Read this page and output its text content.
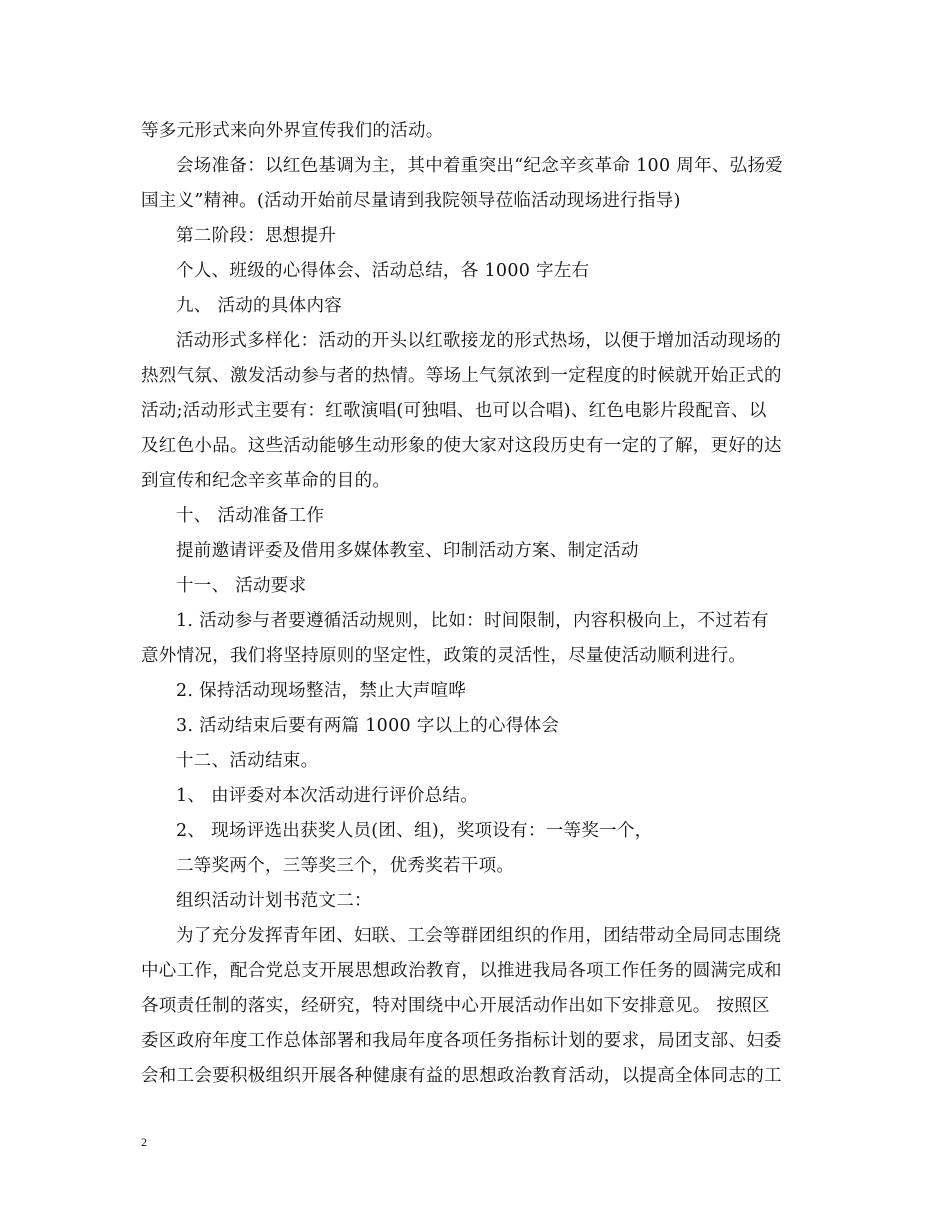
等多元形式来向外界宣传我们的活动。
会场准备：以红色基调为主，其中着重突出“纪念辛亥革命 100 周年、弘扬爱
国主义”精神。(活动开始前尽量请到我院领导莅临活动现场进行指导)
第二阶段：思想提升
个人、班级的心得体会、活动总结，各 1000 字左右
九、 活动的具体内容
活动形式多样化：活动的开头以红歌接龙的形式热场，以便于增加活动现场的
热烈气氛、激发活动参与者的热情。等场上气氛浓到一定程度的时候就开始正式的
活动;活动形式主要有：红歌演唱(可独唱、也可以合唱)、红色电影片段配音、以
及红色小品。这些活动能够生动形象的使大家对这段历史有一定的了解，更好的达
到宣传和纪念辛亥革命的目的。
十、 活动准备工作
提前邀请评委及借用多媒体教室、印制活动方案、制定活动
十一、 活动要求
1. 活动参与者要遵循活动规则，比如：时间限制，内容积极向上，不过若有
意外情况，我们将坚持原则的坚定性，政策的灵活性，尽量使活动顺利进行。
2. 保持活动现场整洁，禁止大声喧哗
3. 活动结束后要有两篇 1000 字以上的心得体会
十二、活动结束。
1、 由评委对本次活动进行评价总结。
2、 现场评选出获奖人员(团、组)，奖项设有：一等奖一个，
二等奖两个，三等奖三个，优秀奖若干项。
组织活动计划书范文二：
为了充分发挥青年团、妇联、工会等群团组织的作用，团结带动全局同志围绕
中心工作，配合党总支开展思想政治教育，以推进我局各项工作任务的圆满完成和
各项责任制的落实，经研究，特对围绕中心开展活动作出如下安排意见。 按照区
委区政府年度工作总体部署和我局年度各项任务指标计划的要求，局团支部、妇委
会和工会要积极组织开展各种健康有益的思想政治教育活动，以提高全体同志的工
2
